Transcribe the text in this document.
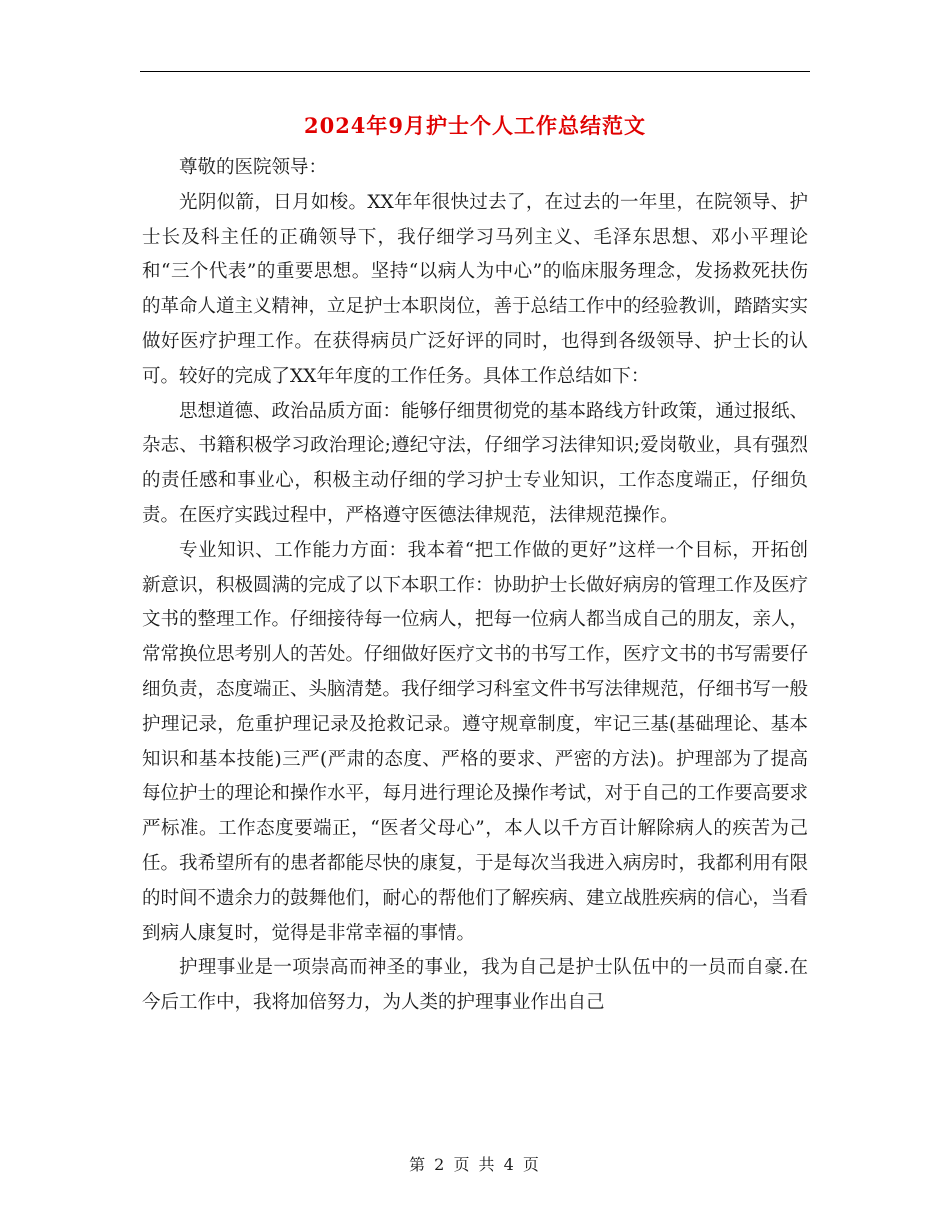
2024年9月护士个人工作总结范文

尊敬的医院领导：

光阴似箭，日月如梭。XX年年很快过去了，在过去的一年里，在院领导、护士长及科主任的正确领导下，我仔细学习马列主义、毛泽东思想、邓小平理论和“三个代表”的重要思想。坚持“以病人为中心”的临床服务理念，发扬救死扶伤的革命人道主义精神，立足护士本职岗位，善于总结工作中的经验教训，踏踏实实做好医疗护理工作。在获得病员广泛好评的同时，也得到各级领导、护士长的认可。较好的完成了XX年年度的工作任务。具体工作总结如下：

思想道德、政治品质方面：能够仔细贯彻党的基本路线方针政策，通过报纸、杂志、书籍积极学习政治理论;遵纪守法，仔细学习法律知识;爱岗敬业，具有强烈的责任感和事业心，积极主动仔细的学习护士专业知识，工作态度端正，仔细负责。在医疗实践过程中，严格遵守医德法律规范，法律规范操作。

专业知识、工作能力方面：我本着“把工作做的更好”这样一个目标，开拓创新意识，积极圆满的完成了以下本职工作：协助护士长做好病房的管理工作及医疗文书的整理工作。仔细接待每一位病人，把每一位病人都当成自己的朋友，亲人，常常换位思考别人的苦处。仔细做好医疗文书的书写工作，医疗文书的书写需要仔细负责，态度端正、头脑清楚。我仔细学习科室文件书写法律规范，仔细书写一般护理记录，危重护理记录及抢救记录。遵守规章制度，牢记三基(基础理论、基本知识和基本技能)三严(严肃的态度、严格的要求、严密的方法)。护理部为了提高每位护士的理论和操作水平，每月进行理论及操作考试，对于自己的工作要高要求严标准。工作态度要端正，“医者父母心”，本人以千方百计解除病人的疾苦为己任。我希望所有的患者都能尽快的康复，于是每次当我进入病房时，我都利用有限的时间不遗余力的鼓舞他们，耐心的帮他们了解疾病、建立战胜疾病的信心，当看到病人康复时，觉得是非常幸福的事情。

护理事业是一项崇高而神圣的事业，我为自己是护士队伍中的一员而自豪.在今后工作中，我将加倍努力，为人类的护理事业作出自己

第 2 页 共 4 页
